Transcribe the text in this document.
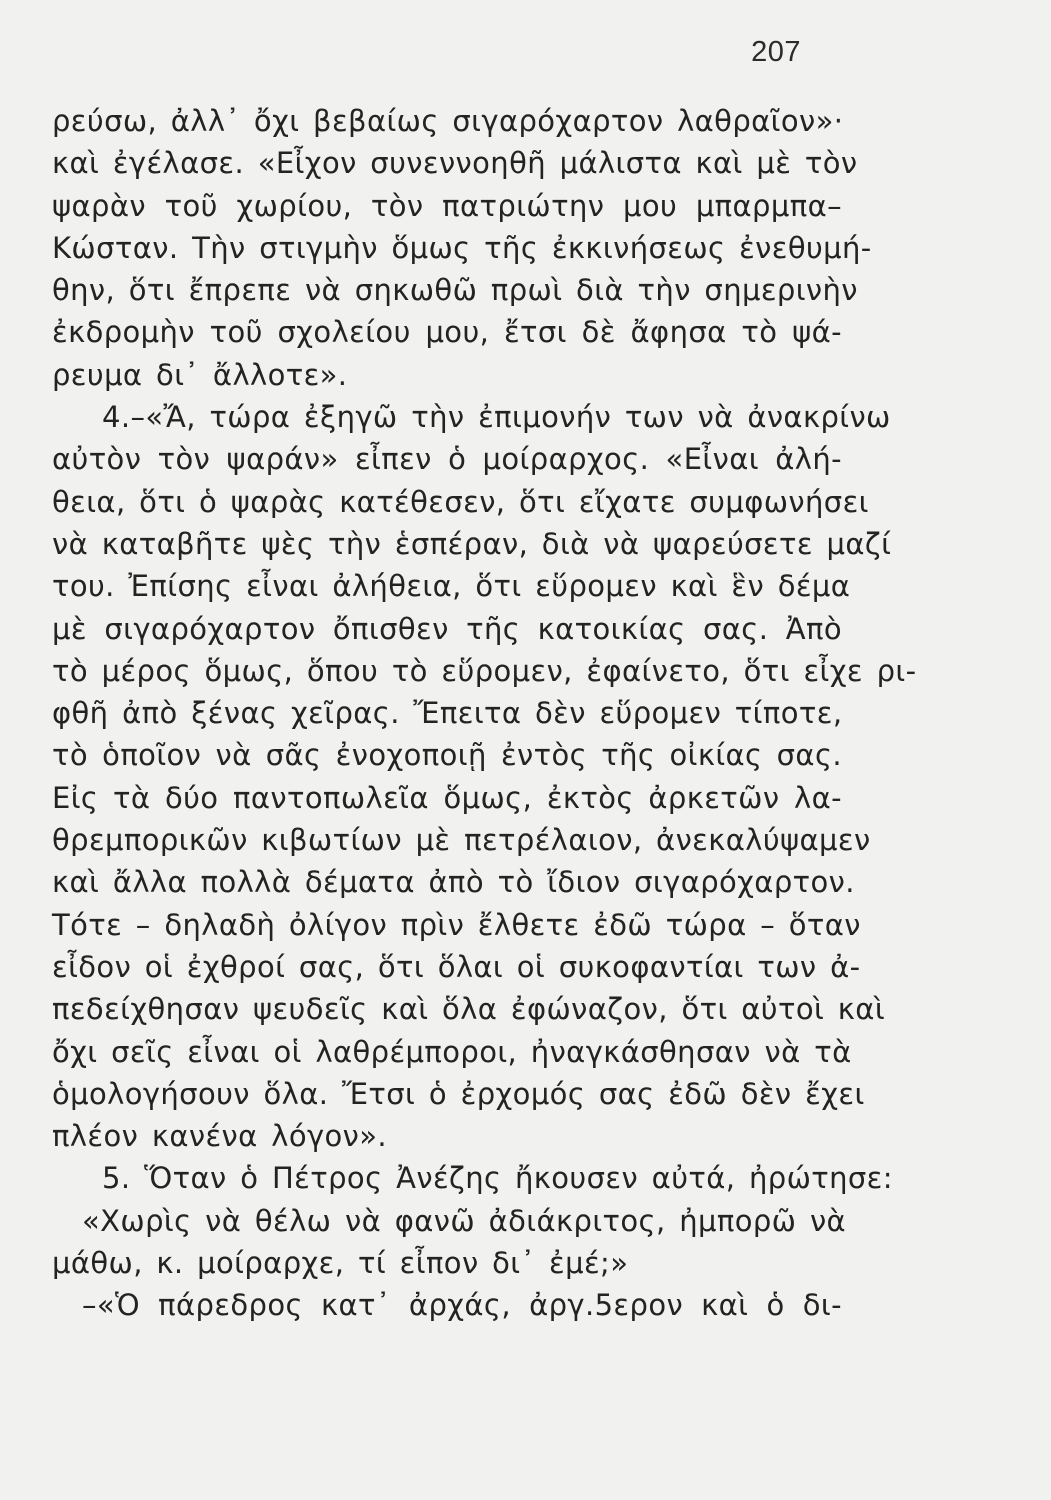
207
ρεύσω, ἀλλ᾽ ὄχι βεβαίως σιγαρόχαρτον λαθραῖον»·
καὶ ἐγέλασε. «Εἶχον συνεννοηθῆ μάλιστα καὶ μὲ τὸν
ψαρὰν τοῦ χωρίου, τὸν πατριώτην μου μπαρμπα–
Κώσταν. Τὴν στιγμὴν ὅμως τῆς ἐκκινήσεως ἐνεθυμή-
θην, ὅτι ἔπρεπε νὰ σηκωθῶ πρωὶ διὰ τὴν σημερινὴν
ἐκδρομὴν τοῦ σχολείου μου, ἔτσι δὲ ἄφησα τὸ ψά-
ρευμα δι᾽ ἄλλοτε».
4.–«Ἄ, τώρα ἐξηγῶ τὴν ἐπιμονήν των νὰ ἀνακρίνω
αὐτὸν τὸν ψαράν» εἶπεν ὁ μοίραρχος. «Εἶναι ἀλή-
θεια, ὅτι ὁ ψαρὰς κατέθεσεν, ὅτι εἴχατε συμφωνήσει
νὰ καταβῆτε ψὲς τὴν ἑσπέραν, διὰ νὰ ψαρεύσετε μαζί
του. Ἐπίσης εἶναι ἀλήθεια, ὅτι εὕρομεν καὶ ἓν δέμα
μὲ σιγαρόχαρτον ὄπισθεν τῆς κατοικίας σας. Ἀπὸ
τὸ μέρος ὅμως, ὅπου τὸ εὕρομεν, ἐφαίνετο, ὅτι εἶχε ρι-
φθῆ ἀπὸ ξένας χεῖρας. Ἔπειτα δὲν εὕρομεν τίποτε,
τὸ ὁποῖον νὰ σᾶς ἐνοχοποιῇ ἐντὸς τῆς οἰκίας σας.
Εἰς τὰ δύο παντοπωλεῖα ὅμως, ἐκτὸς ἀρκετῶν λα-
θρεμπορικῶν κιβωτίων μὲ πετρέλαιον, ἀνεκαλύψαμεν
καὶ ἄλλα πολλὰ δέματα ἀπὸ τὸ ἴδιον σιγαρόχαρτον.
Τότε – δηλαδὴ ὀλίγον πρὶν ἔλθετε ἐδῶ τώρα – ὅταν
εἶδον οἱ ἐχθροί σας, ὅτι ὅλαι οἱ συκοφαντίαι των ἀ-
πεδείχθησαν ψευδεῖς καὶ ὅλα ἐφώναζον, ὅτι αὐτοὶ καὶ
ὄχι σεῖς εἶναι οἱ λαθρέμποροι, ἠναγκάσθησαν νὰ τὰ
ὁμολογήσουν ὅλα. Ἔτσι ὁ ἐρχομός σας ἐδῶ δὲν ἔχει
πλέον κανένα λόγον».
5. Ὅταν ὁ Πέτρος Ἀνέζης ἤκουσεν αὐτά, ἠρώτησε:
«Χωρὶς νὰ θέλω νὰ φανῶ ἀδιάκριτος, ἠμπορῶ νὰ
μάθω, κ. μοίραρχε, τί εἶπον δι᾽ ἐμέ;»
–«Ὁ πάρεδρος κατ᾽ ἀρχάς, ἀργ.5ερον καὶ ὁ δι-
